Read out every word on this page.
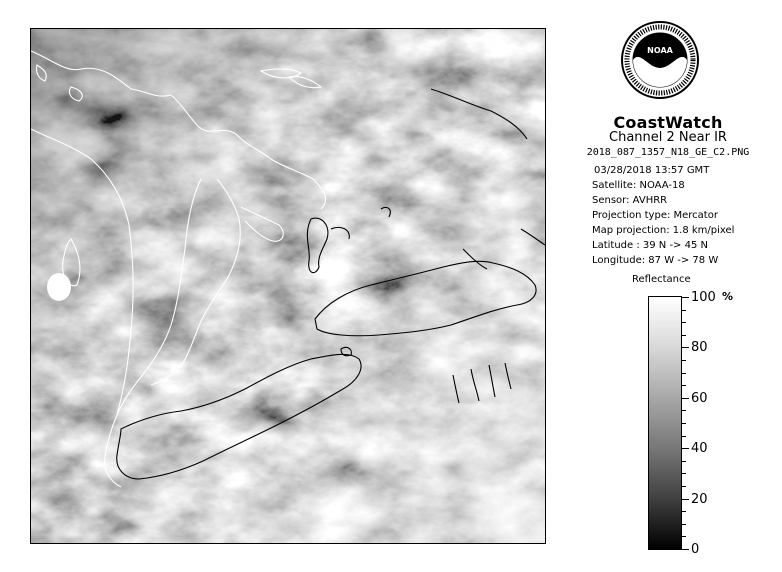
NOAA
CoastWatch
Channel 2 Near IR
2018_087_1357_N18_GE_C2.PNG
03/28/2018 13:57 GMT
Satellite: NOAA-18
Sensor: AVHRR
Projection type: Mercator
Map projection: 1.8 km/pixel
Latitude : 39 N -> 45 N
Longitude: 87 W -> 78 W
Reflectance
%
100
80
60
40
20
0
